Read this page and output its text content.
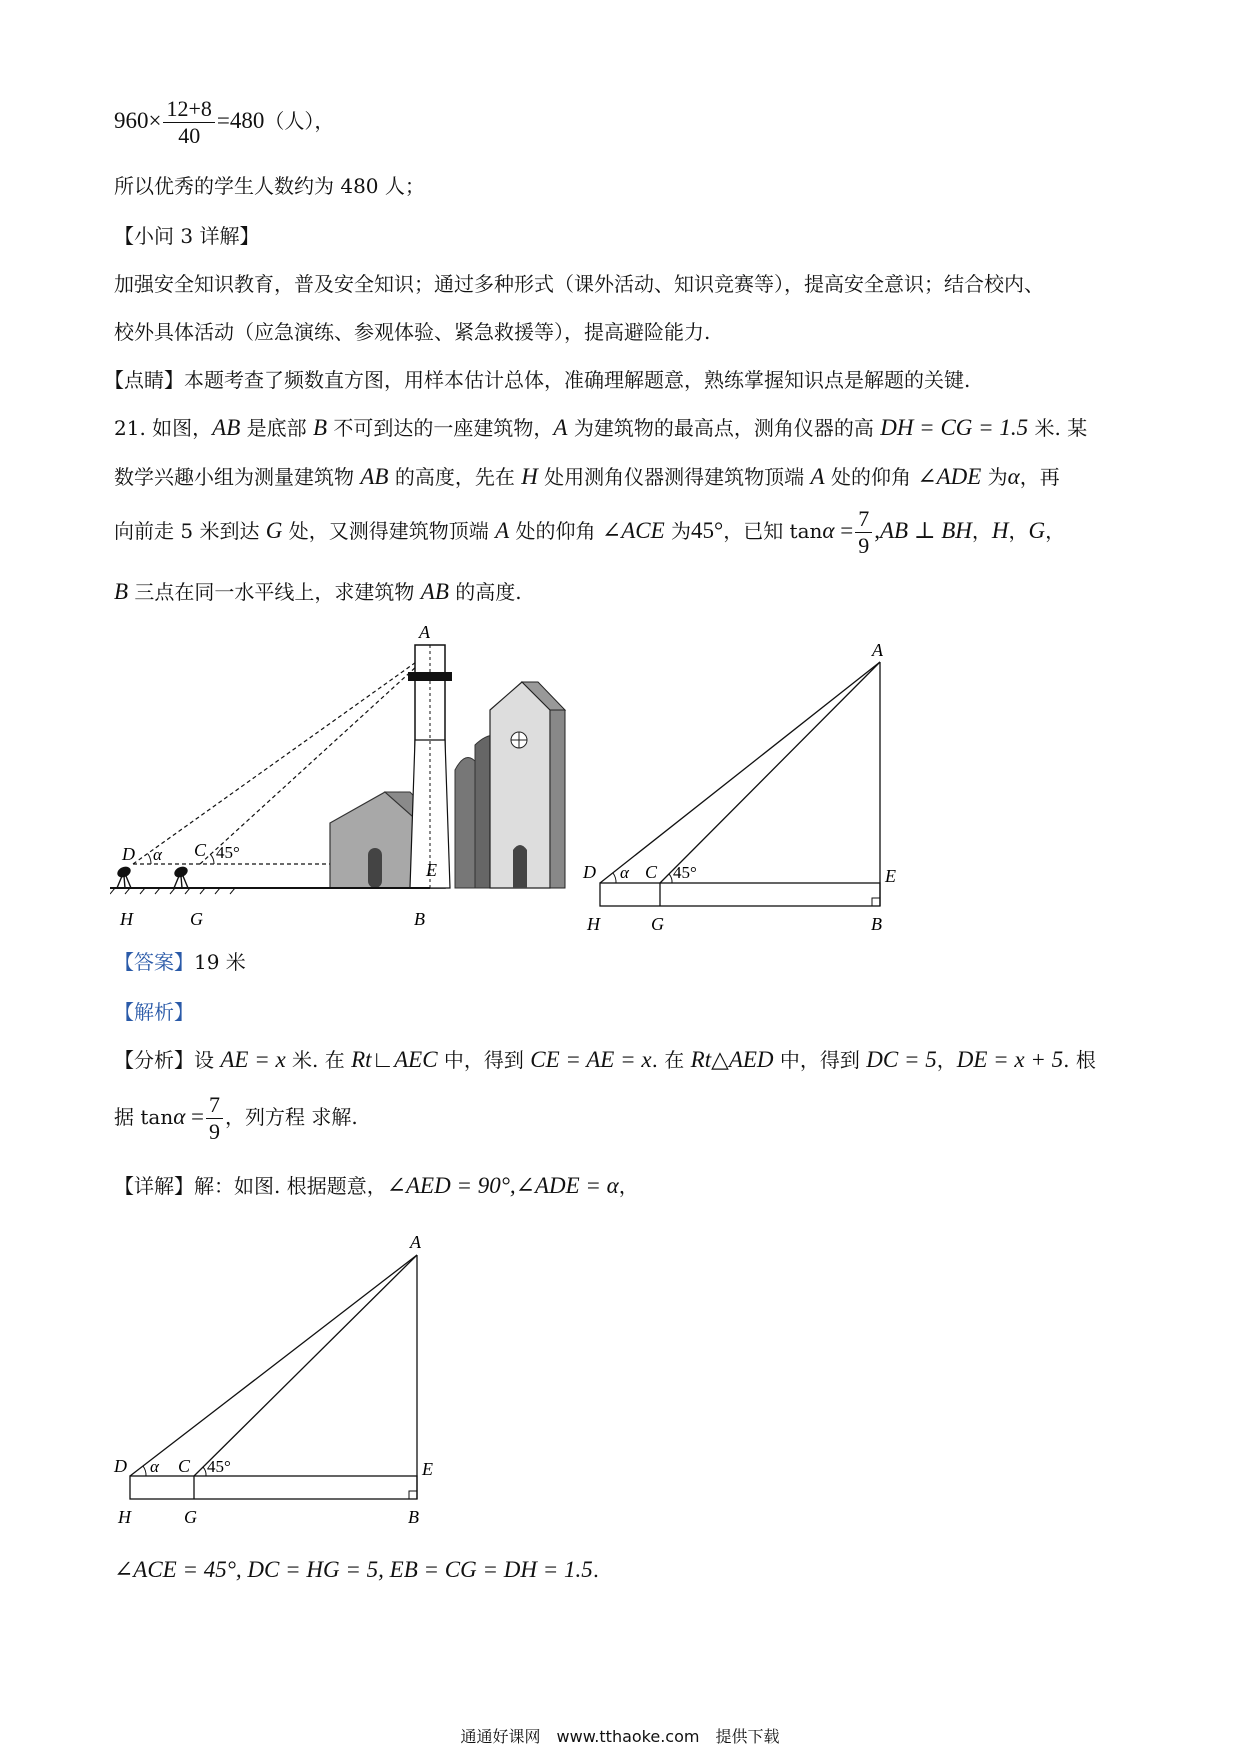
$960\times \frac{12+8}{40} =480$（人），
所以优秀的学生人数约为 480 人；
【小问 3 详解】
加强安全知识教育，普及安全知识；通过多种形式（课外活动、知识竞赛等），提高安全意识；结合校内、
校外具体活动（应急演练、参观体验、紧急救援等），提高避险能力.
【点睛】本题考查了频数直方图，用样本估计总体，准确理解题意，熟练掌握知识点是解题的关键.
21. 如图，AB 是底部 B 不可到达的一座建筑物，A 为建筑物的最高点，测角仪器的高 DH = CG = 1.5 米. 某
数学兴趣小组为测量建筑物 AB 的高度，先在 H 处用测角仪器测得建筑物顶端 A 处的仰角 ∠ADE 为α，再
向前走 5 米到达 G 处，又测得建筑物顶端 A 处的仰角 ∠ACE 为45°，已知 $\tan\alpha = \frac{7}{9} ,AB$ ⊥ BH，H，G，
B 三点在同一水平线上，求建筑物 AB 的高度.
A
D α C 45°
E
H	G	B
A
D α C 45°	E
H	G	B
【答案】19 米
【解析】
【分析】设 AE = x 米. 在 Rt∟AEC 中，得到 CE = AE = x. 在 Rt△AED 中，得到 DC = 5，DE = x + 5. 根
据 $\tan\alpha = \frac{7}{9}$ ，列方程 求解.
【详解】解：如图. 根据题意，∠AED = 90°,∠ADE = α，
A
D α C 45°	E
H	G	B
∠ACE = 45°, DC = HG = 5, EB = CG = DH = 1.5.
通通好课网　www.tthaoke.com　提供下载
